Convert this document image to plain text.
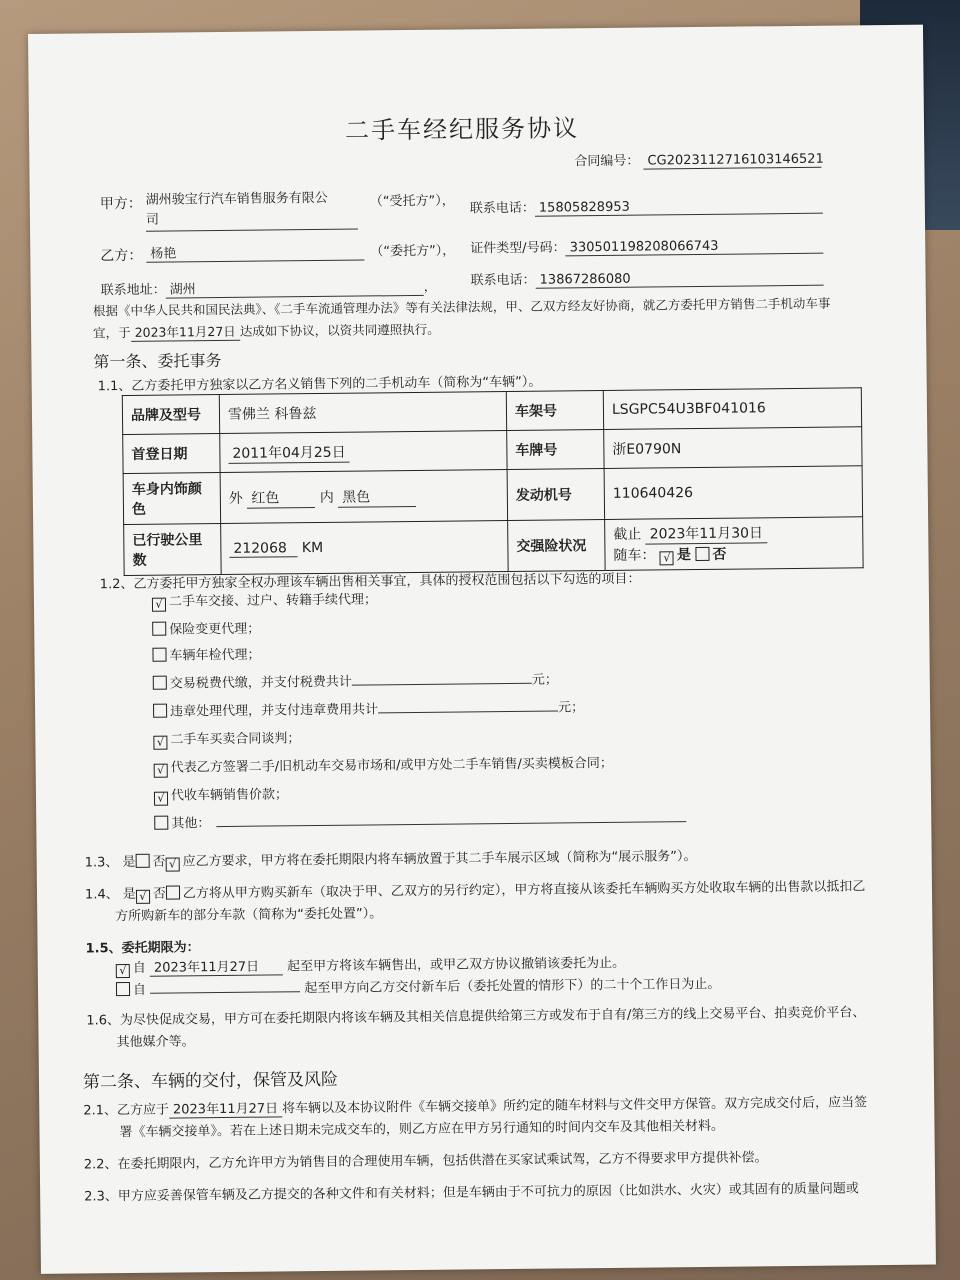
二手车经纪服务协议
合同编号： CG20231127161031465​21
甲方： 湖州骏宝行汽车销售服务有限公
司
（“受托方”）， 联系电话： 15805828953
乙方： 杨艳	（“委托方”）， 证件类型/号码： 330501198208066743
联系地址： 湖州	，	联系电话： 13867286080
根据《中华人民共和国民法典》、《二手车流通管理办法》等有关法律法规，甲、乙双方经友好协商，就乙方委托甲方销售二手机动车事
宜，于 2023年11月27日 达成如下协议，以资共同遵照执行。
第一条、委托事务
1.1、乙方委托甲方独家以乙方名义销售下列的二手机动车（简称为“车辆”）。
品牌及型号	雪佛兰 科鲁兹	车架号	LSGPC54U3BF041016
首登日期	2011年04月25日	车牌号	浙E0790N
车身内饰颜色	外 红色 内 黑色	发动机号	110640426
已行驶公里数	212068 KM	交强险状况	截止 2023年11月30日
随车： √ 是 否
1.2、乙方委托甲方独家全权办理该车辆出售相关事宜，具体的授权范围包括以下勾选的项目：
√ 二手车交接、过户、转籍手续代理；
保险变更代理；
车辆年检代理；
交易税费代缴，并支付税费共计	元；
违章处理代理，并支付违章费用共计	元；
√ 二手车买卖合同谈判；
√ 代表乙方签署二手/旧机动车交易市场和/或甲方处二手车销售/买卖模板合同；
√ 代收车辆销售价款；
其他：
1.3、 是 否 √ 应乙方要求，甲方将在委托期限内将车辆放置于其二手车展示区域（简称为“展示服务”）。
1.4、 是 √ 否 乙方将从甲方购买新车（取决于甲、乙双方的另行约定），甲方将直接从该委托车辆购买方处收取车辆的出售款以抵扣乙
方所购新车的部分车款（简称为“委托处置”）。
1.5、委托期限为：
√ 自 2023年11月27日 起至甲方将该车辆售出，或甲乙双方协议撤销该委托为止。
自	起至甲方向乙方交付新车后（委托处置的情形下）的二十个工作日为止。
1.6、为尽快促成交易，甲方可在委托期限内将该车辆及其相关信息提供给第三方或发布于自有/第三方的线上交易平台、拍卖竞价平台、
其他媒介等。
第二条、车辆的交付，保管及风险
2.1、乙方应于 2023年11月27日 将车辆以及本协议附件《车辆交接单》所约定的随车材料与文件交甲方保管。双方完成交付后，应当签
署《车辆交接单》。若在上述日期未完成交车的，则乙方应在甲方另行通知的时间内交车及其他相关材料。
2.2、在委托期限内，乙方允许甲方为销售目的合理使用车辆，包括供潜在买家试乘试驾，乙方不得要求甲方提供补偿。
2.3、甲方应妥善保管车辆及乙方提交的各种文件和有关材料；但是车辆由于不可抗力的原因（比如洪水、火灾）或其固有的质量问题或
